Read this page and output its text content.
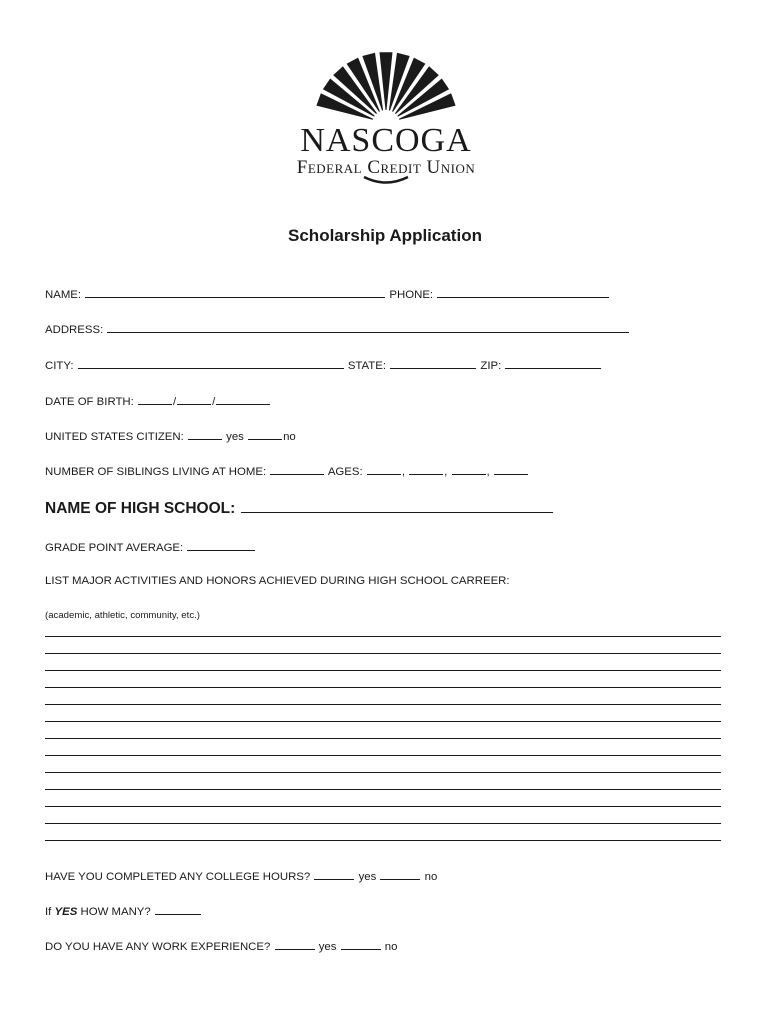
NASCOGA
Federal Credit Union
Scholarship Application
NAME:	PHONE:
ADDRESS:
CITY:	STATE:	ZIP:
DATE OF BIRTH:	/	/
UNITED STATES CITIZEN:	yes	no
NUMBER OF SIBLINGS LIVING AT HOME:	AGES:	,	,	,
NAME OF HIGH SCHOOL:
GRADE POINT AVERAGE:
LIST MAJOR ACTIVITIES AND HONORS ACHIEVED DURING HIGH SCHOOL CARREER:
(academic, athletic, community, etc.)
HAVE YOU COMPLETED ANY COLLEGE HOURS?	yes	no
If YES HOW MANY?
DO YOU HAVE ANY WORK EXPERIENCE?	yes	no
